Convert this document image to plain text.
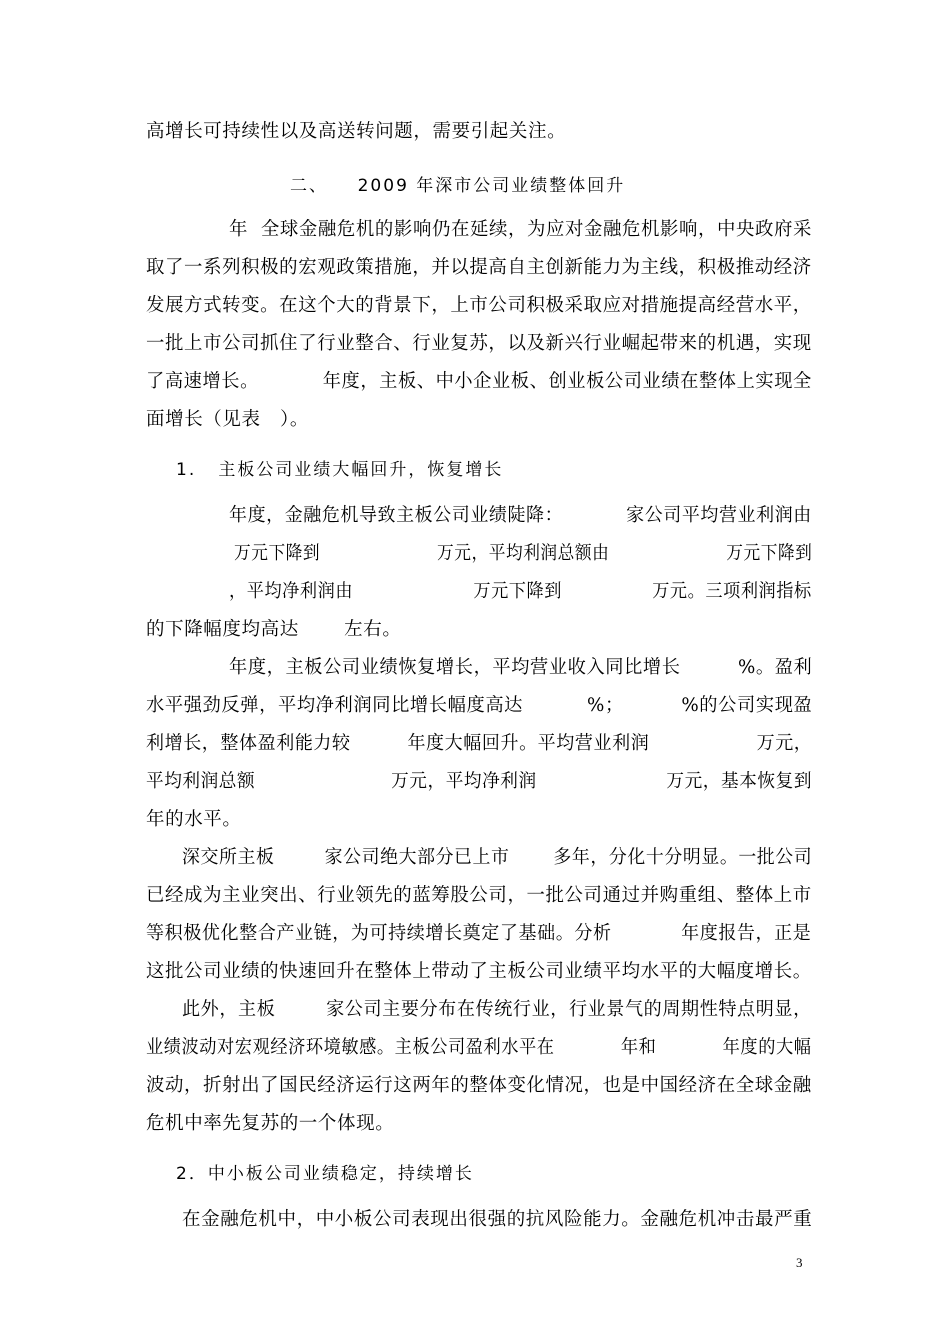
高增长可持续性以及高送转问题，需要引起关注。
二、    2009 年深市公司业绩整体回升
年  全球金融危机的影响仍在延续，为应对金融危机影响，中央政府采
取了一系列积极的宏观政策措施，并以提高自主创新能力为主线，积极推动经济
发展方式转变。在这个大的背景下，上市公司积极采取应对措施提高经营水平，
一批上市公司抓住了行业整合、行业复苏，以及新兴行业崛起带来的机遇，实现
了高速增长。          年度，主板、中小企业板、创业板公司业绩在整体上实现全
面增长（见表   ）。
1.   主板公司业绩大幅回升，恢复增长
年度，金融危机导致主板公司业绩陡降：          家公司平均营业利润由
万元下降到                    万元，平均利润总额由                    万元下降到
，平均净利润由                    万元下降到               万元。三项利润指标
的下降幅度均高达       左右。
年度，主板公司业绩恢复增长，平均营业收入同比增长         %。盈利
水平强劲反弹，平均净利润同比增长幅度高达          %；         %的公司实现盈
利增长，整体盈利能力较         年度大幅回升。平均营业利润                 万元，
平均利润总额                      万元，平均净利润                     万元，基本恢复到
年的水平。
深交所主板        家公司绝大部分已上市       多年，分化十分明显。一批公司
已经成为主业突出、行业领先的蓝筹股公司，一批公司通过并购重组、整体上市
等积极优化整合产业链，为可持续增长奠定了基础。分析           年度报告，正是
这批公司业绩的快速回升在整体上带动了主板公司业绩平均水平的大幅度增长。
此外，主板        家公司主要分布在传统行业，行业景气的周期性特点明显，
业绩波动对宏观经济环境敏感。主板公司盈利水平在           年和           年度的大幅
波动，折射出了国民经济运行这两年的整体变化情况，也是中国经济在全球金融
危机中率先复苏的一个体现。
2．中小板公司业绩稳定，持续增长
在金融危机中，中小板公司表现出很强的抗风险能力。金融危机冲击最严重
3
